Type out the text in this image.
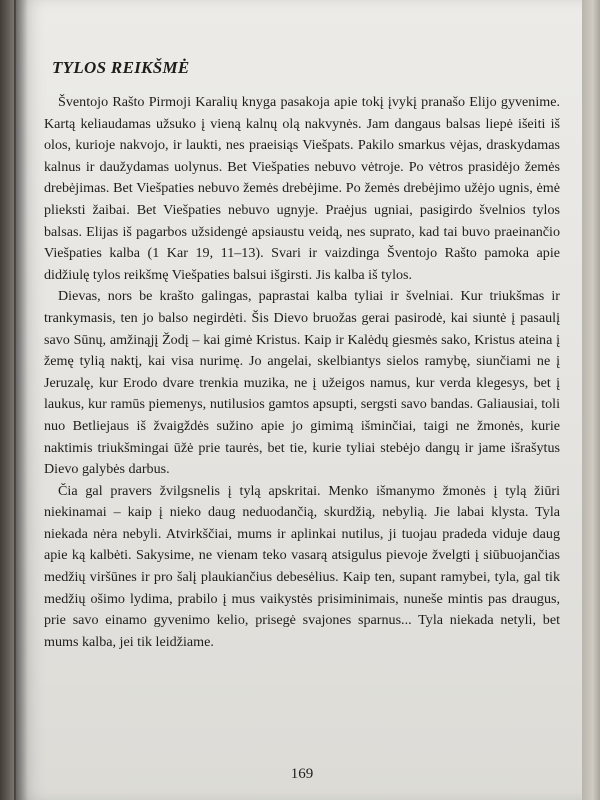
TYLOS REIKŠMĖ

Šventojo Rašto Pirmoji Karalių knyga pasakoja apie tokį įvykį pranašo Elijo gyvenime. Kartą keliaudamas užsuko į vieną kalnų olą nakvynės. Jam dangaus balsas liepė išeiti iš olos, kurioje nakvojo, ir laukti, nes praeisiąs Viešpats. Pakilo smarkus vėjas, draskydamas kalnus ir daužydamas uolynus. Bet Viešpaties nebuvo vėtroje. Po vėtros prasidėjo žemės drebėjimas. Bet Viešpaties nebuvo žemės drebėjime. Po žemės drebėjimo užėjo ugnis, ėmė plieksti žaibai. Bet Viešpaties nebuvo ugnyje. Praėjus ugniai, pasigirdo švelnios tylos balsas. Elijas iš pagarbos užsidengė apsiaustu veidą, nes suprato, kad tai buvo praeinančio Viešpaties kalba (1 Kar 19, 11–13). Svari ir vaizdinga Šventojo Rašto pamoka apie didžiulę tylos reikšmę Viešpaties balsui išgirsti. Jis kalba iš tylos.

Dievas, nors be krašto galingas, paprastai kalba tyliai ir švelniai. Kur triukšmas ir trankymasis, ten jo balso negirdėti. Šis Dievo bruožas gerai pasirodė, kai siuntė į pasaulį savo Sūnų, amžinąjį Žodį – kai gimė Kristus. Kaip ir Kalėdų giesmės sako, Kristus ateina į žemę tylią naktį, kai visa nurimę. Jo angelai, skelbiantys sielos ramybę, siunčiami ne į Jeruzalę, kur Erodo dvare trenkia muzika, ne į užeigos namus, kur verda klegesys, bet į laukus, kur ramūs piemenys, nutilusios gamtos apsupti, sergsti savo bandas. Galiausiai, toli nuo Betliejaus iš žvaigždės sužino apie jo gimimą išminčiai, taigi ne žmonės, kurie naktimis triukšmingai ūžė prie taurės, bet tie, kurie tyliai stebėjo dangų ir jame išrašytus Dievo galybės darbus.

Čia gal pravers žvilgsnelis į tylą apskritai. Menko išmanymo žmonės į tylą žiūri niekinamai – kaip į nieko daug neduodančią, skurdžią, nebylią. Jie labai klysta. Tyla niekada nėra nebyli. Atvirkščiai, mums ir aplinkai nutilus, ji tuojau pradeda viduje daug apie ką kalbėti. Sakysime, ne vienam teko vasarą atsigulus pievoje žvelgti į siūbuojančias medžių viršūnes ir pro šalį plaukiančius debesėlius. Kaip ten, supant ramybei, tyla, gal tik medžių ošimo lydima, prabilo į mus vaikystės prisiminimais, nuneše mintis pas draugus, prie savo einamo gyvenimo kelio, prisegė svajones sparnus... Tyla niekada netyli, bet mums kalba, jei tik leidžiame.

169
